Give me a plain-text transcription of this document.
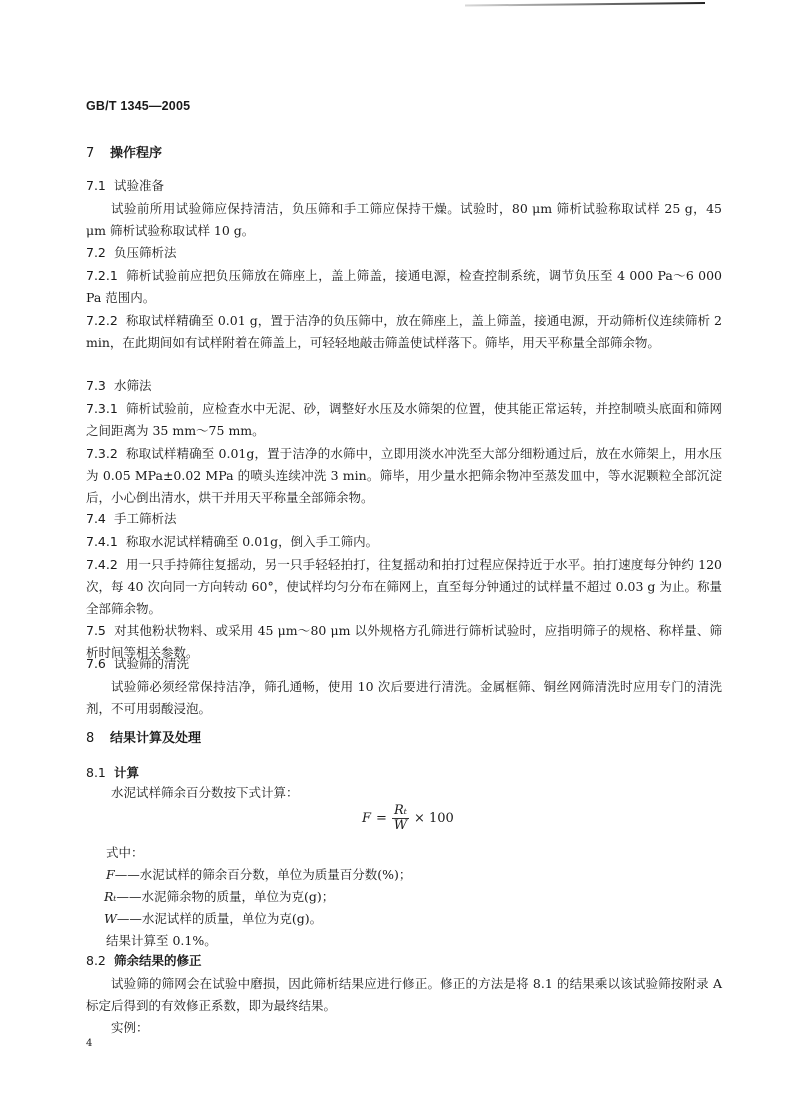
GB/T 1345—2005
7 操作程序
7.1 试验准备
试验前所用试验筛应保持清洁，负压筛和手工筛应保持干燥。试验时，80 μm 筛析试验称取试样 25 g，45 μm 筛析试验称取试样 10 g。
7.2 负压筛析法
7.2.1 筛析试验前应把负压筛放在筛座上，盖上筛盖，接通电源，检查控制系统，调节负压至 4 000 Pa～6 000 Pa 范围内。
7.2.2 称取试样精确至 0.01 g，置于洁净的负压筛中，放在筛座上，盖上筛盖，接通电源，开动筛析仪连续筛析 2 min，在此期间如有试样附着在筛盖上，可轻轻地敲击筛盖使试样落下。筛毕，用天平称量全部筛余物。
7.3 水筛法
7.3.1 筛析试验前，应检查水中无泥、砂，调整好水压及水筛架的位置，使其能正常运转，并控制喷头底面和筛网之间距离为 35 mm～75 mm。
7.3.2 称取试样精确至 0.01g，置于洁净的水筛中，立即用淡水冲洗至大部分细粉通过后，放在水筛架上，用水压为 0.05 MPa±0.02 MPa 的喷头连续冲洗 3 min。筛毕，用少量水把筛余物冲至蒸发皿中，等水泥颗粒全部沉淀后，小心倒出清水，烘干并用天平称量全部筛余物。
7.4 手工筛析法
7.4.1 称取水泥试样精确至 0.01g，倒入手工筛内。
7.4.2 用一只手持筛往复摇动，另一只手轻轻拍打，往复摇动和拍打过程应保持近于水平。拍打速度每分钟约 120 次，每 40 次向同一方向转动 60°，使试样均匀分布在筛网上，直至每分钟通过的试样量不超过 0.03 g 为止。称量全部筛余物。
7.5 对其他粉状物料、或采用 45 μm～80 μm 以外规格方孔筛进行筛析试验时，应指明筛子的规格、称样量、筛析时间等相关参数。
7.6 试验筛的清洗
试验筛必须经常保持洁净，筛孔通畅，使用 10 次后要进行清洗。金属框筛、铜丝网筛清洗时应用专门的清洗剂，不可用弱酸浸泡。
8 结果计算及处理
8.1 计算
水泥试样筛余百分数按下式计算：
$F = \frac{\text{Rₜ}}{W} \times 100$
式中：
F——水泥试样的筛余百分数，单位为质量百分数(%)；
Rₜ——水泥筛余物的质量，单位为克(g)；
W——水泥试样的质量，单位为克(g)。
结果计算至 0.1%。
8.2 筛余结果的修正
试验筛的筛网会在试验中磨损，因此筛析结果应进行修正。修正的方法是将 8.1 的结果乘以该试验筛按附录 A 标定后得到的有效修正系数，即为最终结果。
实例：
4
